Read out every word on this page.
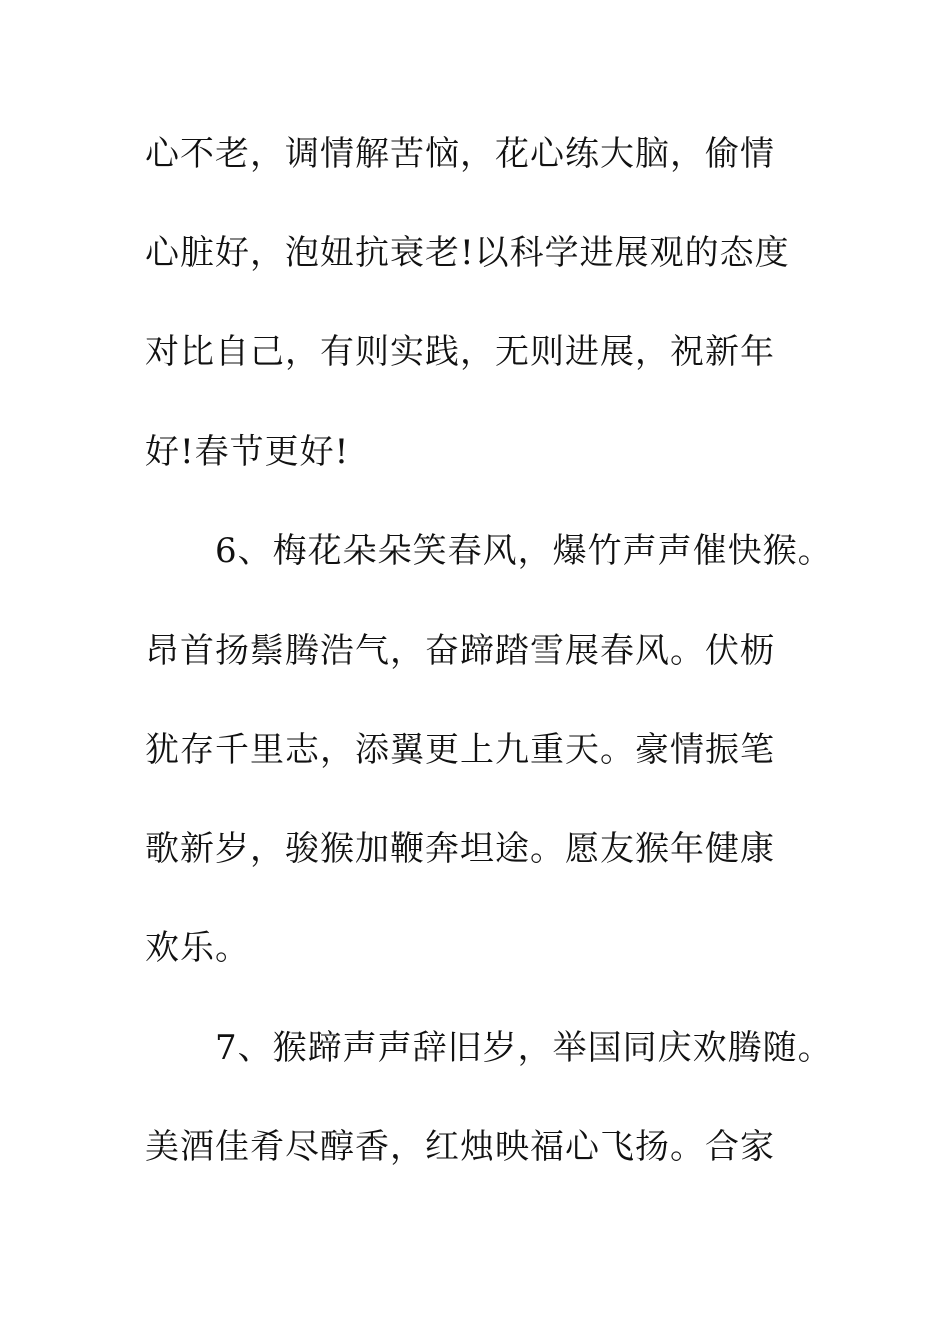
心不老，调情解苦恼，花心练大脑，偷情
心脏好，泡妞抗衰老!以科学进展观的态度
对比自己，有则实践，无则进展，祝新年
好!春节更好!
6、梅花朵朵笑春风，爆竹声声催快猴。
昂首扬鬃腾浩气，奋蹄踏雪展春风。伏枥
犹存千里志，添翼更上九重天。豪情振笔
歌新岁，骏猴加鞭奔坦途。愿友猴年健康
欢乐。
7、猴蹄声声辞旧岁，举国同庆欢腾随。
美酒佳肴尽醇香，红烛映福心飞扬。合家
